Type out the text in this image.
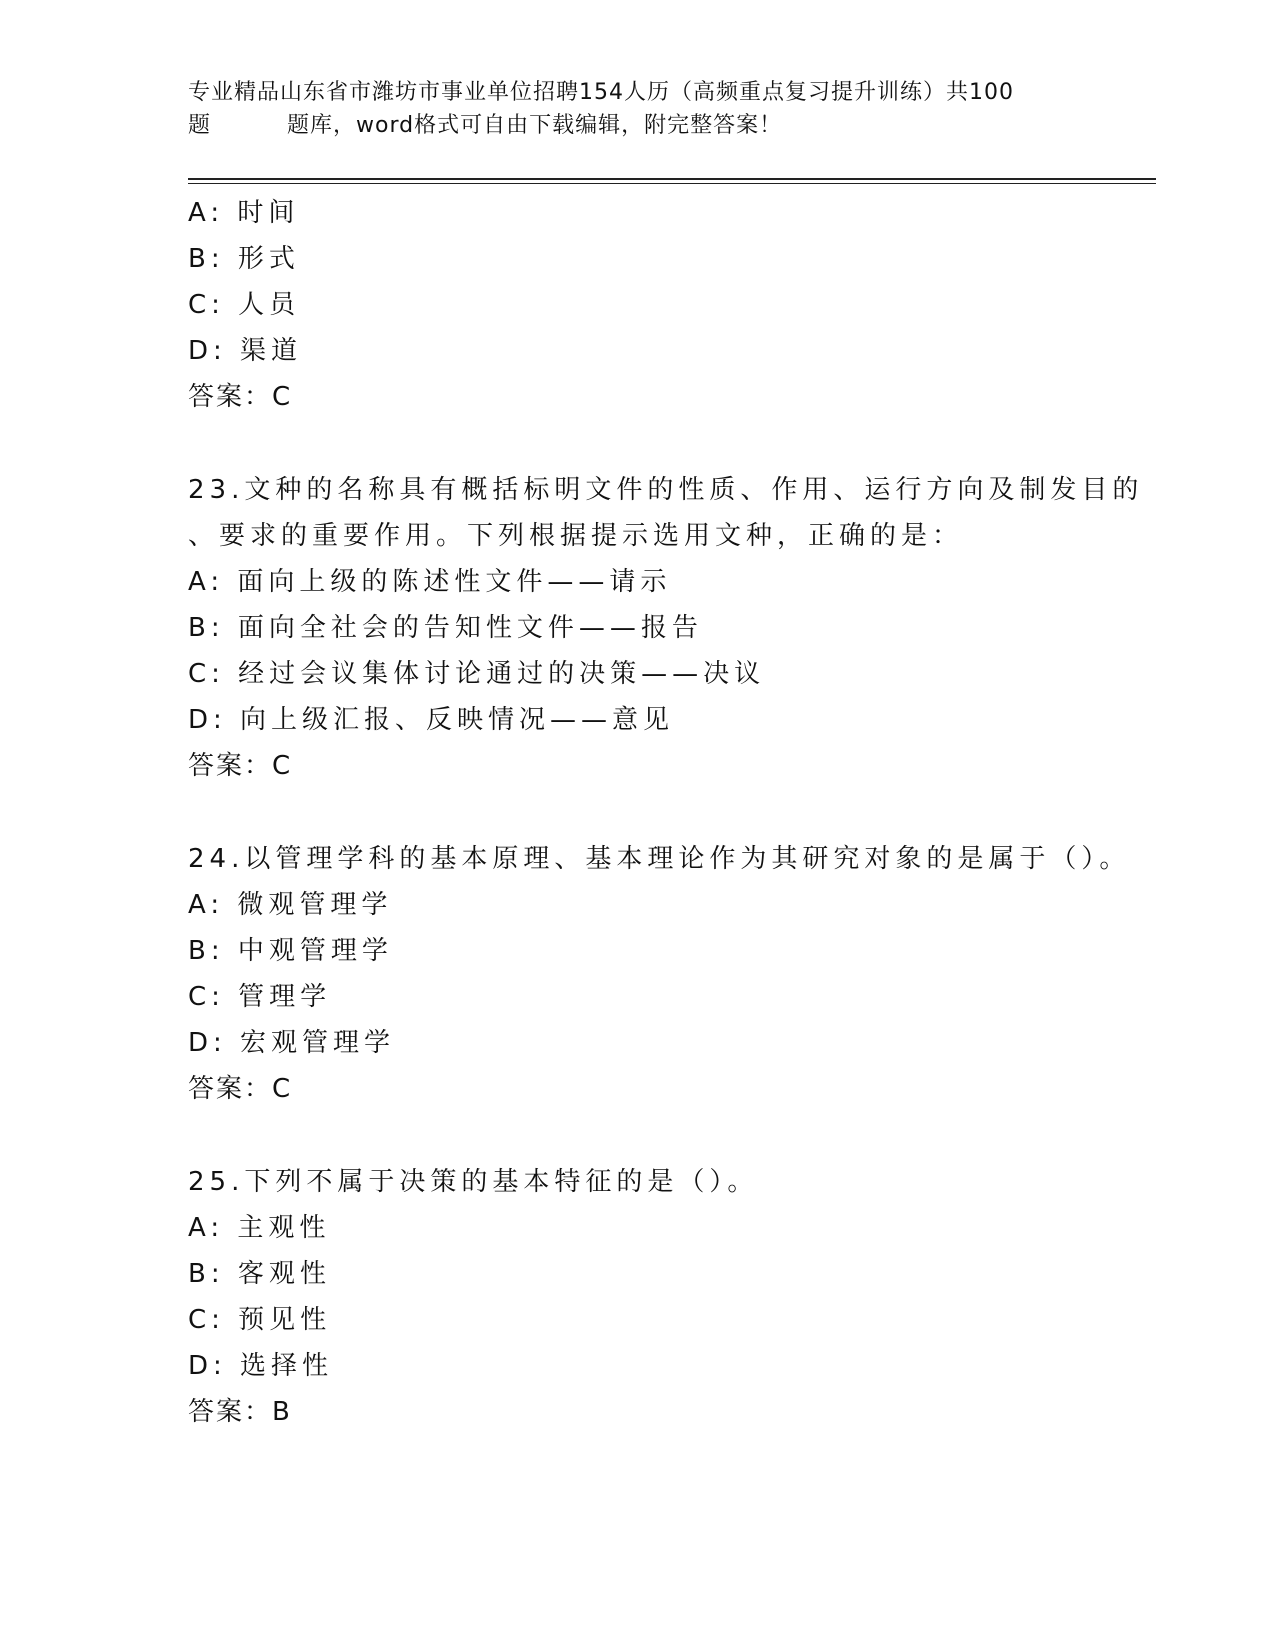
专业精品山东省市潍坊市事业单位招聘154人历（高频重点复习提升训练）共100
题	题库，word格式可自由下载编辑，附完整答案！
A: 时间
B: 形式
C: 人员
D: 渠道
答案：C
23.文种的名称具有概括标明文件的性质、作用、运行方向及制发目的
、要求的重要作用。下列根据提示选用文种，正确的是：
A: 面向上级的陈述性文件——请示
B: 面向全社会的告知性文件——报告
C: 经过会议集体讨论通过的决策——决议
D: 向上级汇报、反映情况——意见
答案：C
24.以管理学科的基本原理、基本理论作为其研究对象的是属于（）。
A: 微观管理学
B: 中观管理学
C: 管理学
D: 宏观管理学
答案：C
25.下列不属于决策的基本特征的是（）。
A: 主观性
B: 客观性
C: 预见性
D: 选择性
答案：B
